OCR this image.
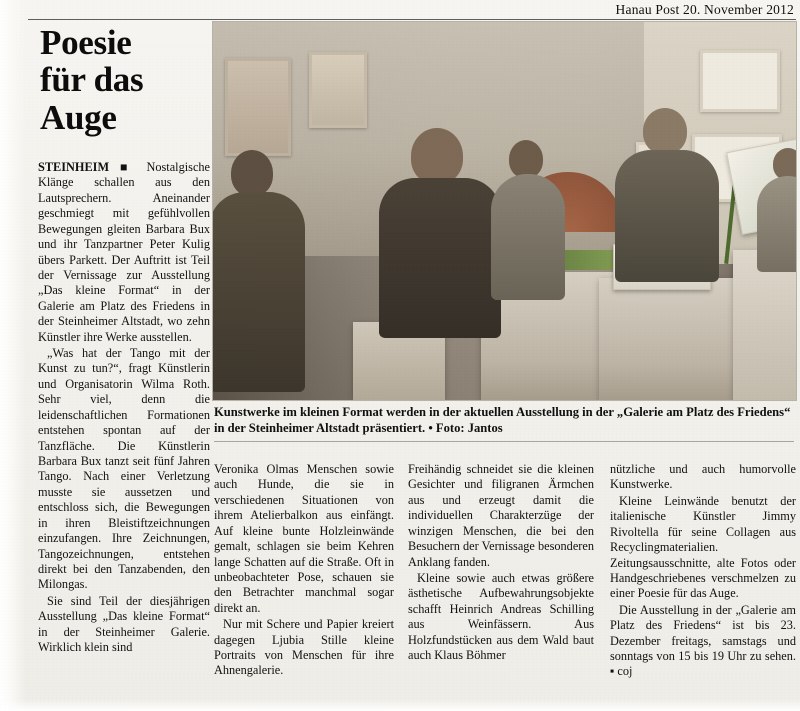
Hanau Post 20. November 2012
Poesie
für das
Auge
Kunstwerke im kleinen Format werden in der aktuellen Ausstellung in der „Galerie am Platz des Friedens“ in der Steinheimer Altstadt präsentiert. • Foto: Jantos

STEINHEIM ■ Nostalgische Klänge schallen aus den Lautsprechern. Aneinander geschmiegt mit gefühlvollen Bewegungen gleiten Barbara Bux und ihr Tanzpartner Peter Kulig übers Parkett. Der Auftritt ist Teil der Vernissage zur Ausstellung „Das kleine Format“ in der Galerie am Platz des Friedens in der Steinheimer Altstadt, wo zehn Künstler ihre Werke ausstellen.

„Was hat der Tango mit der Kunst zu tun?“, fragt Künstlerin und Organisatorin Wilma Roth. Sehr viel, denn die leidenschaftlichen Formationen entstehen spontan auf der Tanzfläche. Die Künstlerin Barbara Bux tanzt seit fünf Jahren Tango. Nach einer Verletzung musste sie aussetzen und entschloss sich, die Bewegungen in ihren Bleistiftzeichnungen einzufangen. Ihre Zeichnungen, Tangozeichnungen, entstehen direkt bei den Tanzabenden, den Milongas.

Sie sind Teil der diesjährigen Ausstellung „Das kleine Format“ in der Steinheimer Galerie. Wirklich klein sind

Veronika Olmas Menschen sowie auch Hunde, die sie in verschiedenen Situationen von ihrem Atelierbalkon aus einfängt. Auf kleine bunte Holzleinwände gemalt, schlagen sie beim Kehren lange Schatten auf die Straße. Oft in unbeobachteter Pose, schauen sie den Betrachter manchmal sogar direkt an.

Nur mit Schere und Papier kreiert dagegen Ljubia Stille kleine Portraits von Menschen für ihre Ahnengalerie.

Freihändig schneidet sie die kleinen Gesichter und filigranen Ärmchen aus und erzeugt damit die individuellen Charakterzüge der winzigen Menschen, die bei den Besuchern der Vernissage besonderen Anklang fanden.

Kleine sowie auch etwas größere ästhetische Aufbewahrungsobjekte schafft Heinrich Andreas Schilling aus Weinfässern. Aus Holzfundstücken aus dem Wald baut auch Klaus Böhmer

nützliche und auch humorvolle Kunstwerke.

Kleine Leinwände benutzt der italienische Künstler Jimmy Rivoltella für seine Collagen aus Recyclingmaterialien. Zeitungsausschnitte, alte Fotos oder Handgeschriebenes verschmelzen zu einer Poesie für das Auge.

Die Ausstellung in der „Galerie am Platz des Friedens“ ist bis 23. Dezember freitags, samstags und sonntags von 15 bis 19 Uhr zu sehen. ▪ coj
